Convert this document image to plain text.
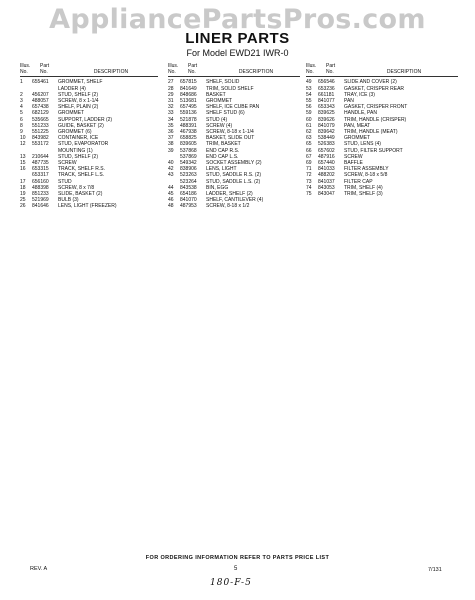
AppliancePartsPros.com
LINER PARTS
For Model EWD21 IWR-0
Illus.	Part
No.	No.	DESCRIPTION
1	655461	GROMMET, SHELF
LADDER (4)
2	456207	STUD, SHELF (2)
3	488057	SCREW, 8 x 1-1/4
4	657438	SHELF, PLAIN (2)
5	682129	GROMMET
6	535665	SUPPORT, LADDER (2)
8	551233	GUIDE, BASKET (2)
9	551225	GROMMET (6)
10	843982	CONTAINER, ICE
12	553172	STUD, EVAPORATOR
MOUNTING (1)
13	210644	STUD, SHELF (2)
15	487735	SCREW
16	653315	TRACK, SHELF R.S.
653317	TRACK, SHELF L.S.
17	656160	STUD
18	488398	SCREW, 8 x 7/8
19	851233	SLIDE, BASKET (2)
25	521969	BULB (3)
26	841646	LENS, LIGHT (FREEZER)
Illus.	Part
No.	No.	DESCRIPTION
27	657815	SHELF, SOLID
28	841649	TRIM, SOLID SHELF
29	848686	BASKET
31	513681	GROMMET
32	657495	SHELF, ICE CUBE PAN
33	559136	SHELF STUD (6)
34	521878	STUD (4)
35	488391	SCREW (4)
36	467938	SCREW, 8-18 x 1-1/4
37	658825	BASKET, SLIDE OUT
38	839605	TRIM, BASKET
39	537868	END CAP R.S.
537869	END CAP L.S.
40	549342	SOCKET ASSEMBLY (2)
42	838906	LENS, LIGHT
43	523263	STUD, SADDLE R.S. (2)
523264	STUD, SADDLE L.S. (2)
44	843538	BIN, EGG
45	654186	LADDER, SHELF (2)
46	841070	SHELF, CANTILEVER (4)
48	487953	SCREW, 8-18 x 1/2
Illus.	Part
No.	No.	DESCRIPTION
49	656546	SLIDE AND COVER (2)
53	653236	GASKET, CRISPER REAR
54	661181	TRAY, ICE (3)
55	841077	PAN
56	653343	GASKET, CRISPER FRONT
59	839625	HANDLE, PAN
60	839626	TRIM, HANDLE (CRISPER)
61	841079	PAN, MEAT
62	839642	TRIM, HANDLE (MEAT)
63	538449	GROMMET
65	526383	STUD, LENS (4)
66	657602	STUD, FILTER SUPPORT
67	487916	SCREW
69	657440	BAFFLE
71	841033	FILTER ASSEMBLY
72	488202	SCREW, 8-18 x 5/8
73	841037	FILTER CAP
74	843053	TRIM, SHELF (4)
75	843047	TRIM, SHELF (3)
FOR ORDERING INFORMATION REFER TO PARTS PRICE LIST
REV. A	5	7/131
180-F-5
